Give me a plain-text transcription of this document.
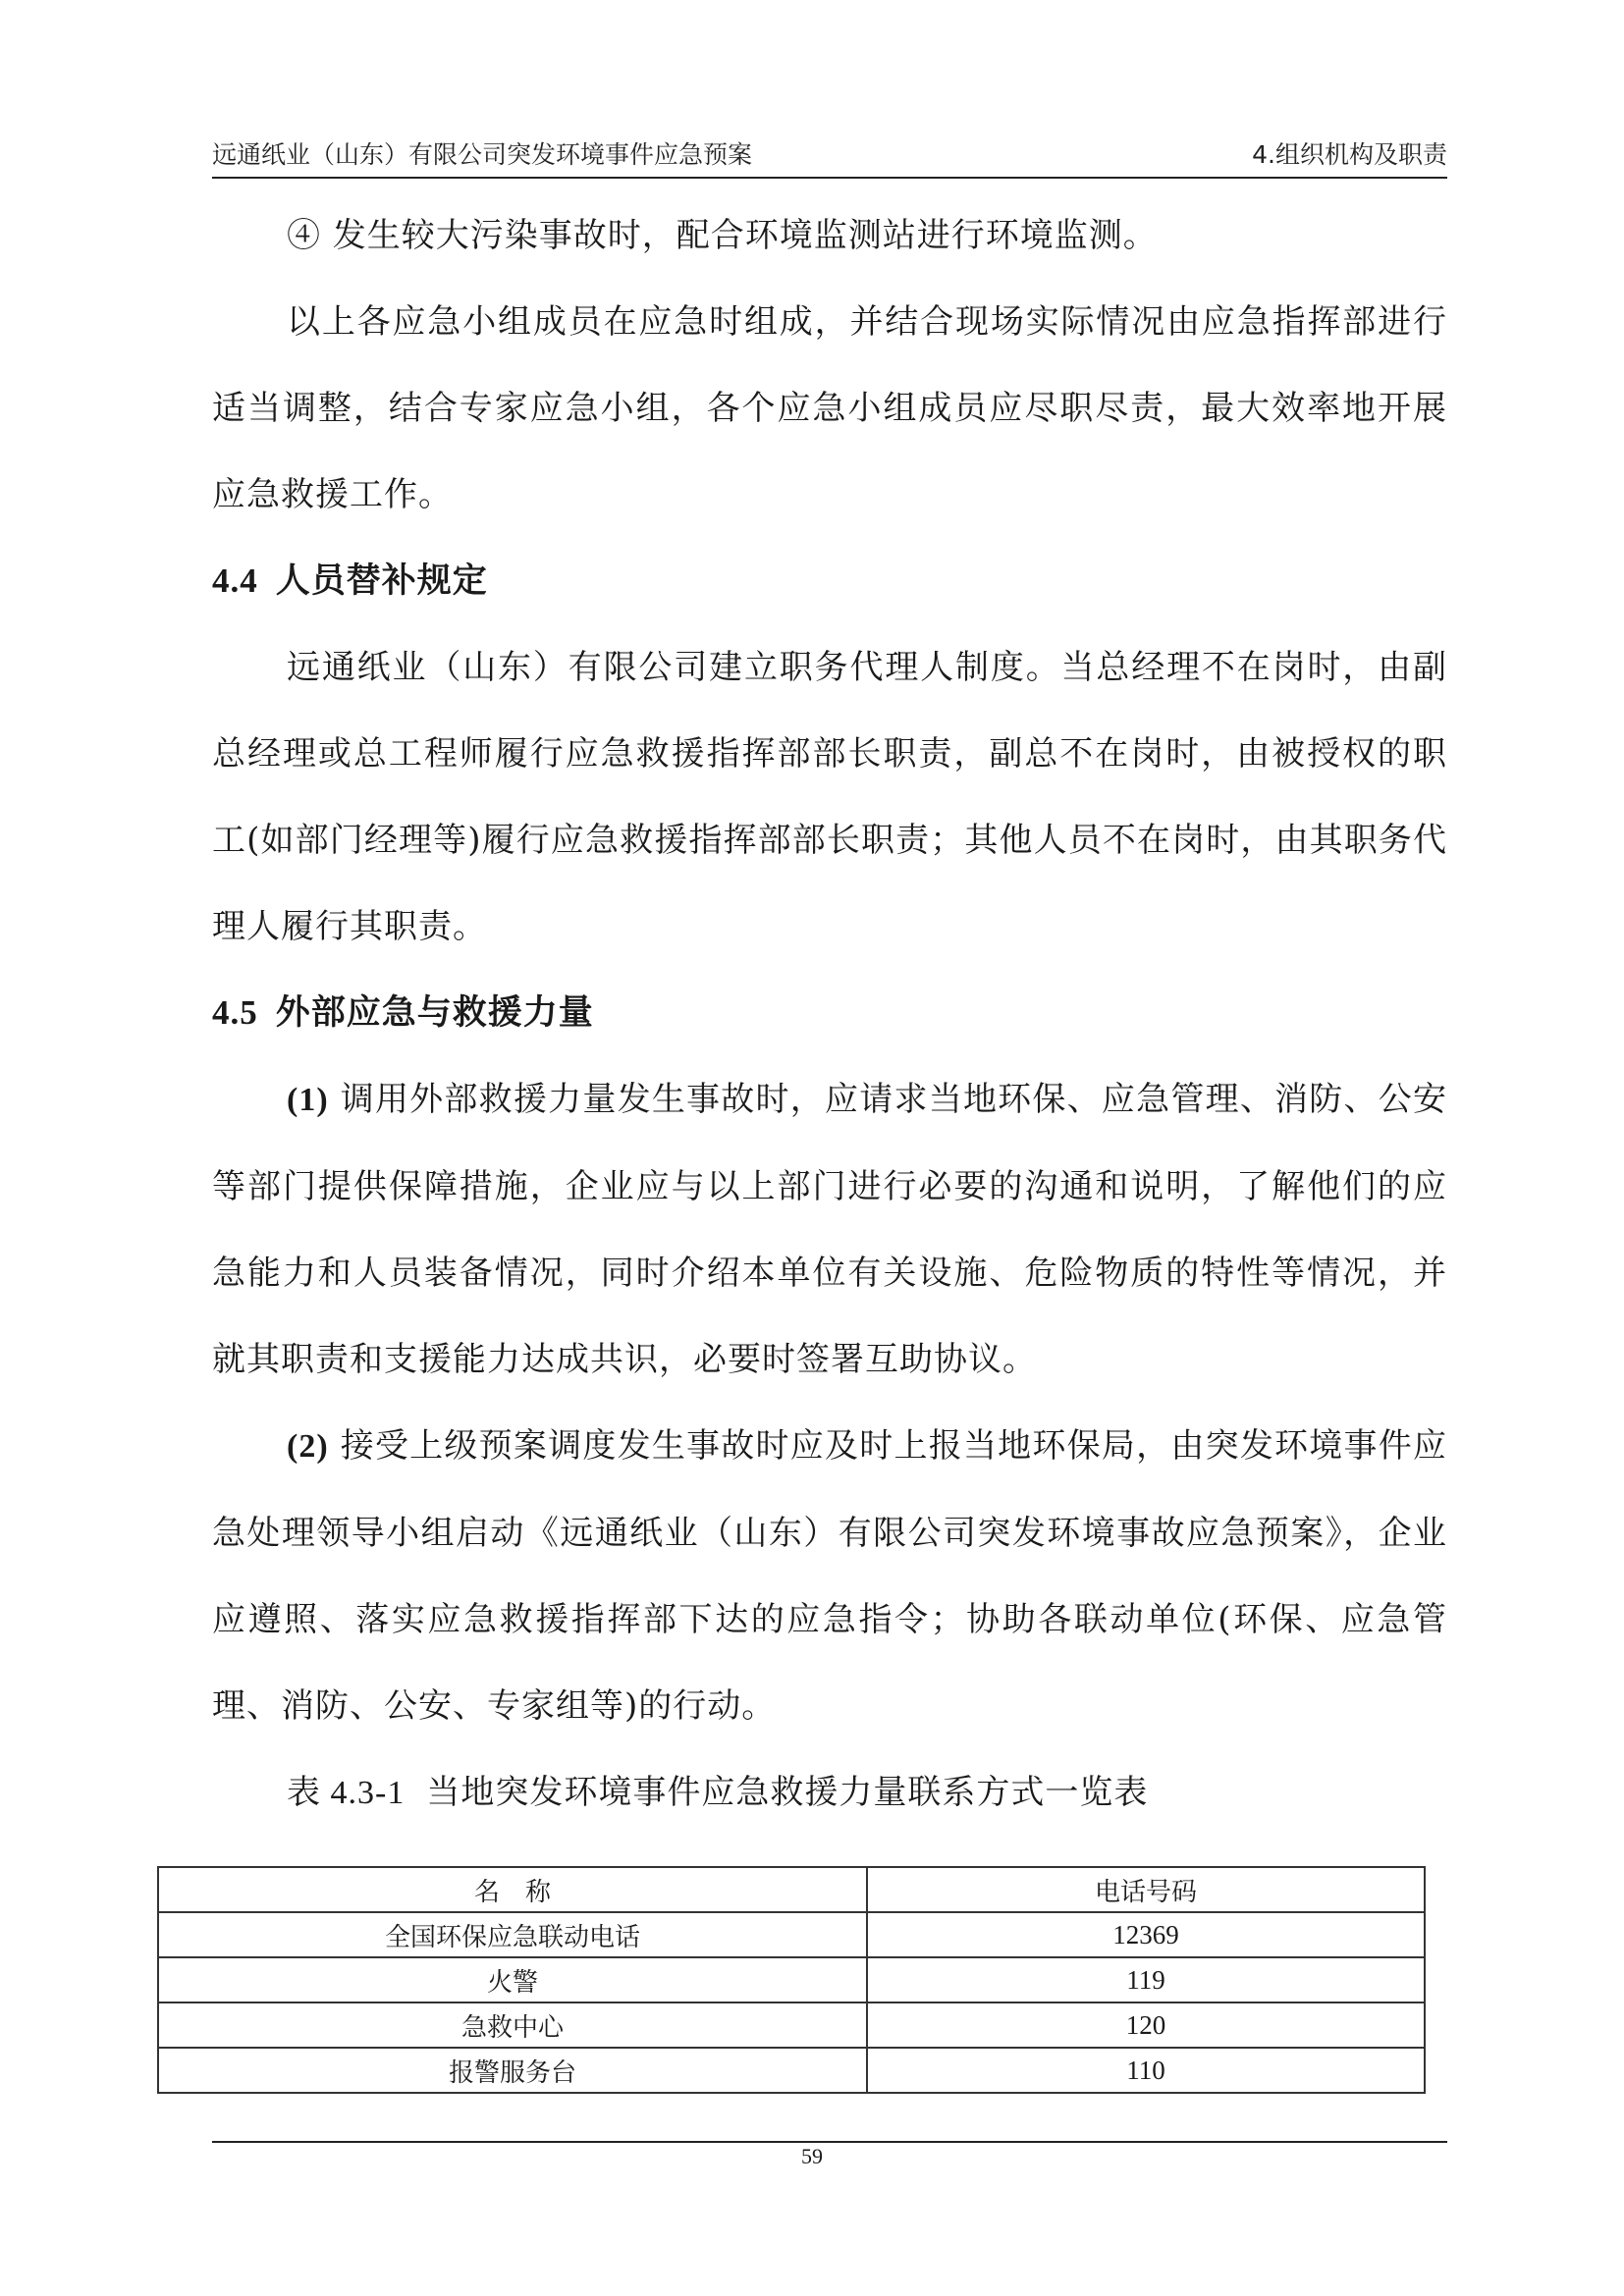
远通纸业（山东）有限公司突发环境事件应急预案	4.组织机构及职责

④ 发生较大污染事故时，配合环境监测站进行环境监测。

以上各应急小组成员在应急时组成，并结合现场实际情况由应急指挥部进行适当调整，结合专家应急小组，各个应急小组成员应尽职尽责，最大效率地开展应急救援工作。

4.4 人员替补规定

远通纸业（山东）有限公司建立职务代理人制度。当总经理不在岗时，由副总经理或总工程师履行应急救援指挥部部长职责，副总不在岗时，由被授权的职工(如部门经理等)履行应急救援指挥部部长职责；其他人员不在岗时，由其职务代理人履行其职责。

4.5 外部应急与救援力量

(1) 调用外部救援力量发生事故时，应请求当地环保、应急管理、消防、公安等部门提供保障措施，企业应与以上部门进行必要的沟通和说明，了解他们的应急能力和人员装备情况，同时介绍本单位有关设施、危险物质的特性等情况，并就其职责和支援能力达成共识，必要时签署互助协议。

(2) 接受上级预案调度发生事故时应及时上报当地环保局，由突发环境事件应急处理领导小组启动《远通纸业（山东）有限公司突发环境事故应急预案》，企业应遵照、落实应急救援指挥部下达的应急指令；协助各联动单位(环保、应急管理、消防、公安、专家组等)的行动。

表 4.3-1 当地突发环境事件应急救援力量联系方式一览表

名　称	电话号码
全国环保应急联动电话	12369
火警	119
急救中心	120
报警服务台	110
59
